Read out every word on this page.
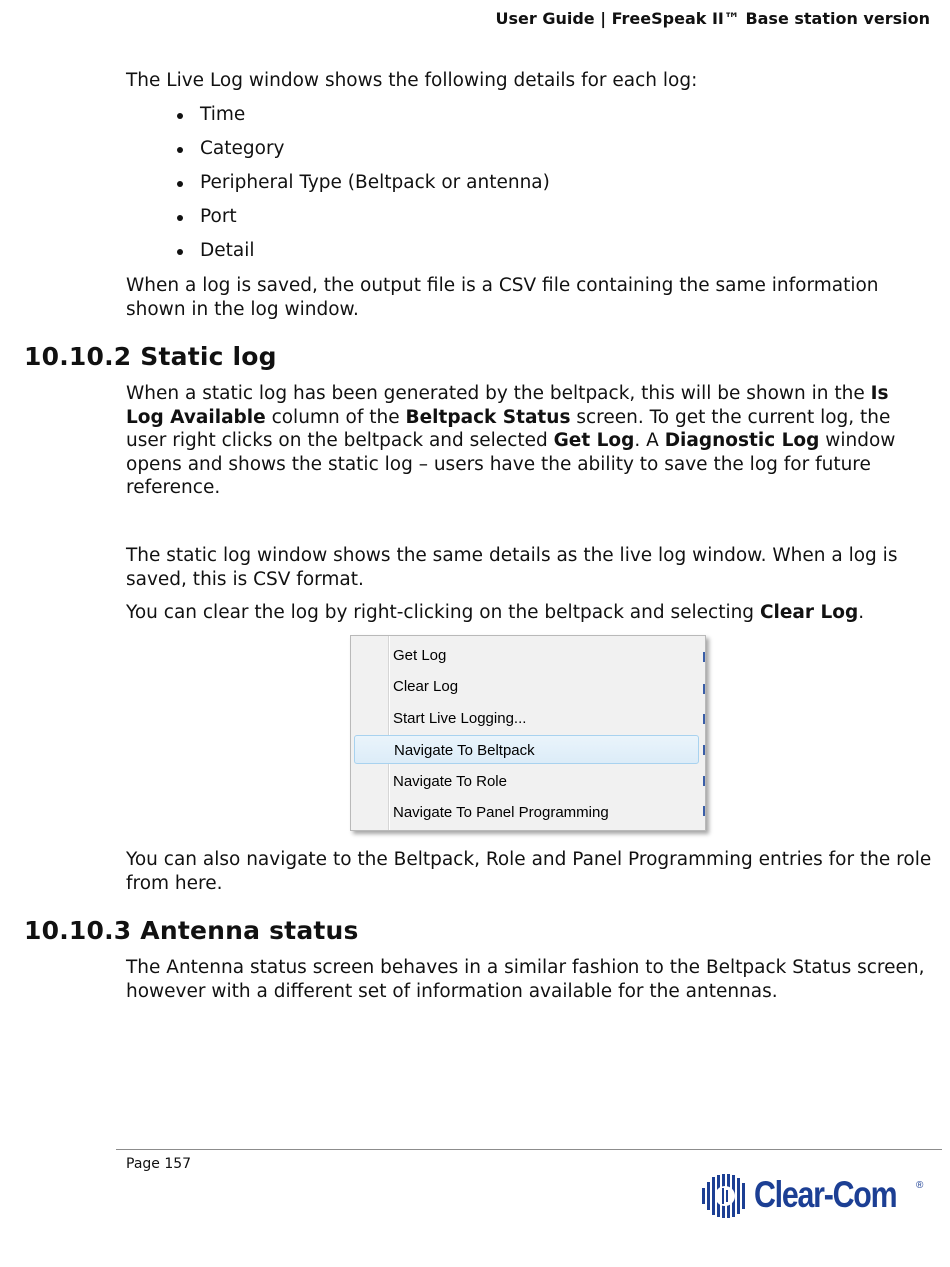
User Guide | FreeSpeak II™ Base station version

The Live Log window shows the following details for each log:

Time
Category
Peripheral Type (Beltpack or antenna)
Port
Detail

When a log is saved, the output file is a CSV file containing the same information shown in the log window.

10.10.2 Static log

When a static log has been generated by the beltpack, this will be shown in the Is Log Available column of the Beltpack Status screen. To get the current log, the user right clicks on the beltpack and selected Get Log. A Diagnostic Log window opens and shows the static log – users have the ability to save the log for future reference.

The static log window shows the same details as the live log window. When a log is saved, this is CSV format.

You can clear the log by right-clicking on the beltpack and selecting Clear Log.

Get Log
Clear Log
Start Live Logging...
Navigate To Beltpack
Navigate To Role
Navigate To Panel Programming

You can also navigate to the Beltpack, Role and Panel Programming entries for the role from here.

10.10.3 Antenna status

The Antenna status screen behaves in a similar fashion to the Beltpack Status screen, however with a different set of information available for the antennas.

Page 157
Clear-Com ®
